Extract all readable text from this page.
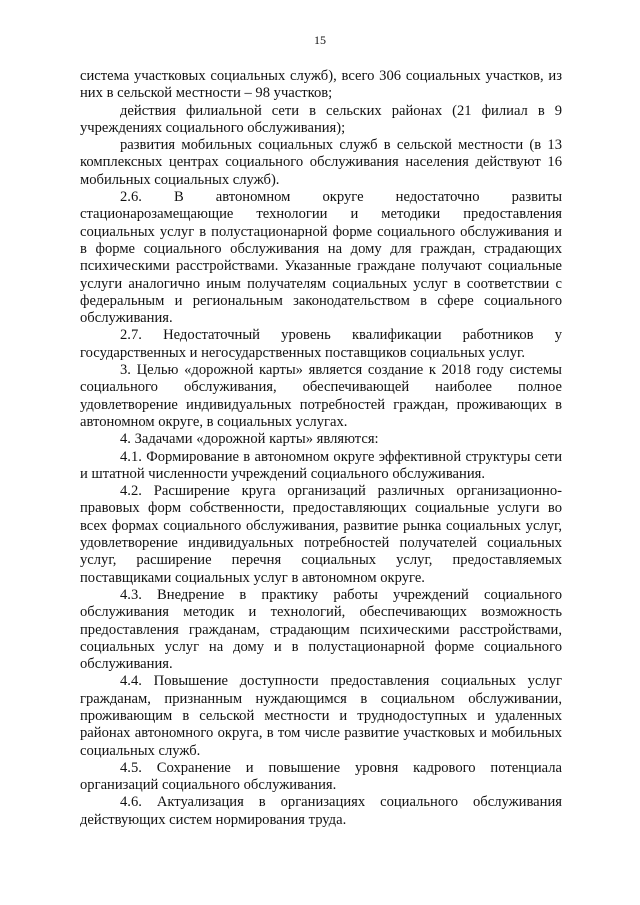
15

система участковых социальных служб), всего 306 социальных участков, из них в сельской местности – 98 участков;

действия филиальной сети в сельских районах (21 филиал в 9 учреждениях социального обслуживания);

развития мобильных социальных служб в сельской местности (в 13 комплексных центрах социального обслуживания населения действуют 16 мобильных социальных служб).

2.6. В автономном округе недостаточно развиты стационарозамещающие технологии и методики предоставления социальных услуг в полустационарной форме социального обслуживания и в форме социального обслуживания на дому для граждан, страдающих психическими расстройствами. Указанные граждане получают социальные услуги аналогично иным получателям социальных услуг в соответствии с федеральным и региональным законодательством в сфере социального обслуживания.

2.7. Недостаточный уровень квалификации работников у государственных и негосударственных поставщиков социальных услуг.

3. Целью «дорожной карты» является создание к 2018 году системы социального обслуживания, обеспечивающей наиболее полное удовлетворение индивидуальных потребностей граждан, проживающих в автономном округе, в социальных услугах.

4. Задачами «дорожной карты» являются:

4.1. Формирование в автономном округе эффективной структуры сети и штатной численности учреждений социального обслуживания.

4.2. Расширение круга организаций различных организационно-правовых форм собственности, предоставляющих социальные услуги во всех формах социального обслуживания, развитие рынка социальных услуг, удовлетворение индивидуальных потребностей получателей социальных услуг, расширение перечня социальных услуг, предоставляемых поставщиками социальных услуг в автономном округе.

4.3. Внедрение в практику работы учреждений социального обслуживания методик и технологий, обеспечивающих возможность предоставления гражданам, страдающим психическими расстройствами, социальных услуг на дому и в полустационарной форме социального обслуживания.

4.4. Повышение доступности предоставления социальных услуг гражданам, признанным нуждающимся в социальном обслуживании, проживающим в сельской местности и труднодоступных и удаленных районах автономного округа, в том числе развитие участковых и мобильных социальных служб.

4.5. Сохранение и повышение уровня кадрового потенциала организаций социального обслуживания.

4.6. Актуализация в организациях социального обслуживания действующих систем нормирования труда.
